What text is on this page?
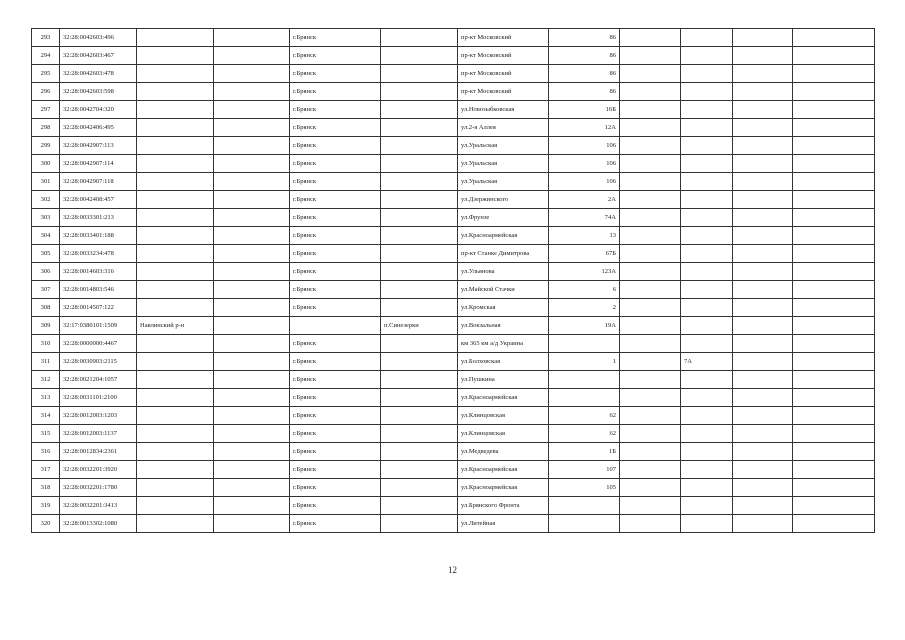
293	32:28:0042603:496			г.Брянск		пр-кт Московский	86				
294	32:28:0042603:467			г.Брянск		пр-кт Московский	86				
295	32:28:0042603:478			г.Брянск		пр-кт Московский	86				
296	32:28:0042603:598			г.Брянск		пр-кт Московский	86				
297	32:28:0042704:320			г.Брянск		ул.Новозыбковская	16Б				
298	32:28:0042406:495			г.Брянск		ул.2-я Аллея	12А				
299	32:28:0042907:113			г.Брянск		ул.Уральская	106				
300	32:28:0042907:114			г.Брянск		ул.Уральская	106				
301	32:28:0042907:118			г.Брянск		ул.Уральская	106				
302	32:28:0042408:457			г.Брянск		ул.Дзержинского	2А				
303	32:28:0033301:213			г.Брянск		ул.Фрунзе	74А				
304	32:28:0033401:188			г.Брянск		ул.Красноармейская	13				
305	32:28:0033234:478			г.Брянск		пр-кт Станке Димитрова	67Б				
306	32:28:0014603:316			г.Брянск		ул.Ульянова	123А				
307	32:28:0014803:546			г.Брянск		ул.Майской Стачки	6				
308	32:28:0014507:122			г.Брянск		ул.Кромская	2				
309	32:17:0380101:1509	Навлинский р-н			п.Синезерки	ул.Вокзальная	19А				
310	32:28:0000000:4467			г.Брянск		км 365 км а/д Украина					
311	32:28:0030903:2115			г.Брянск		ул.Болховская	1		7А		
312	32:28:0021204:1057			г.Брянск		ул.Пушкина					
313	32:28:0031101:2100			г.Брянск		ул.Красноармейская					
314	32:28:0012003:1203			г.Брянск		ул.Клинцовская	62				
315	32:28:0012003:1137			г.Брянск		ул.Клинцовская	62				
316	32:28:0012834:2361			г.Брянск		ул.Медведева	1Б				
317	32:28:0032201:3920			г.Брянск		ул.Красноармейская	107				
318	32:28:0032201:1780			г.Брянск		ул.Красноармейская	105				
319	32:28:0032201:3413			г.Брянск		ул.Брянского Фронта					
320	32:28:0013302:1080			г.Брянск		ул.Литейная					
12
